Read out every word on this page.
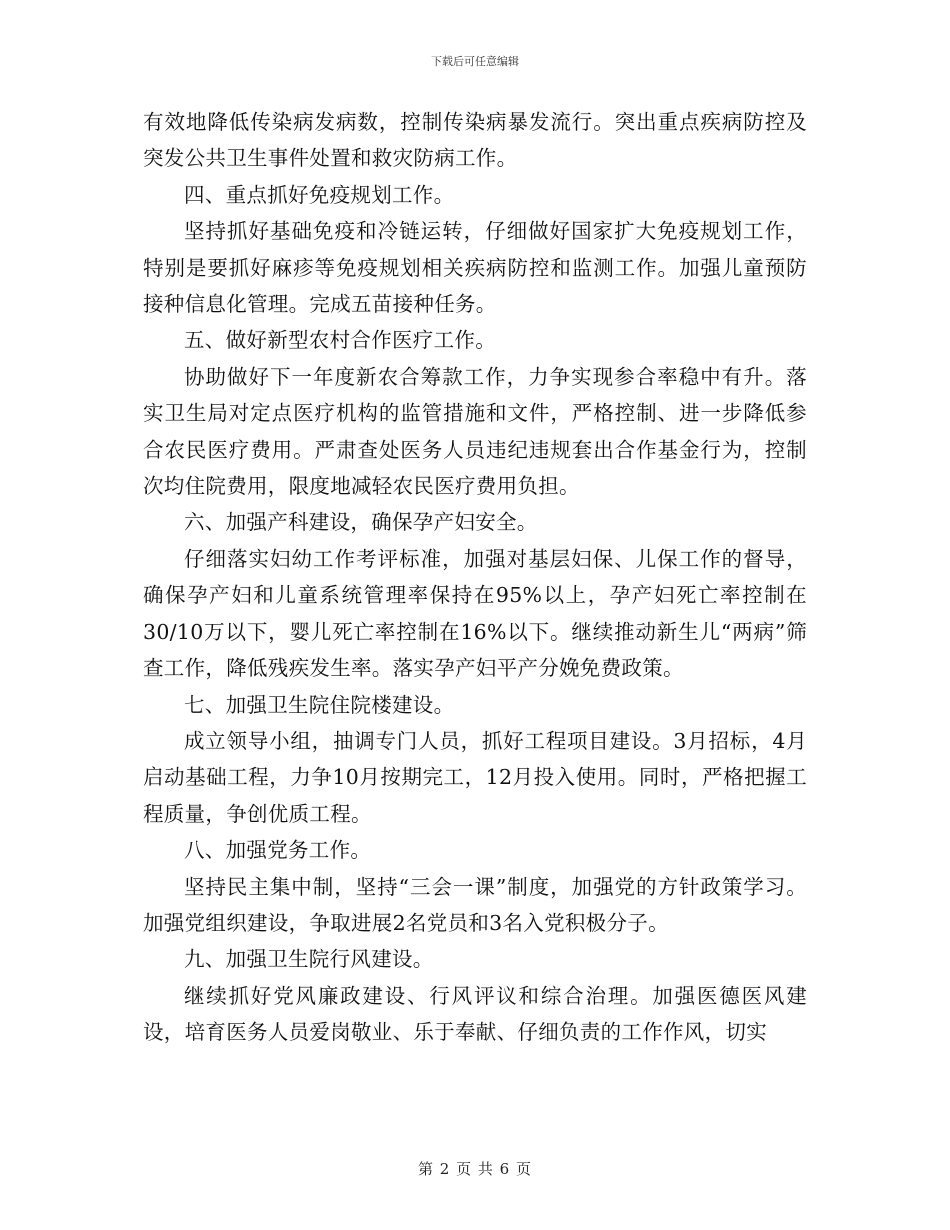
下载后可任意编辑

有效地降低传染病发病数，控制传染病暴发流行。突出重点疾病防控及突发公共卫生事件处置和救灾防病工作。

四、重点抓好免疫规划工作。

坚持抓好基础免疫和冷链运转，仔细做好国家扩大免疫规划工作，特别是要抓好麻疹等免疫规划相关疾病防控和监测工作。加强儿童预防接种信息化管理。完成五苗接种任务。

五、做好新型农村合作医疗工作。

协助做好下一年度新农合筹款工作，力争实现参合率稳中有升。落实卫生局对定点医疗机构的监管措施和文件，严格控制、进一步降低参合农民医疗费用。严肃查处医务人员违纪违规套出合作基金行为，控制次均住院费用，限度地减轻农民医疗费用负担。

六、加强产科建设，确保孕产妇安全。

仔细落实妇幼工作考评标准，加强对基层妇保、儿保工作的督导，确保孕产妇和儿童系统管理率保持在95%以上，孕产妇死亡率控制在30/10万以下，婴儿死亡率控制在16%以下。继续推动新生儿“两病”筛查工作，降低残疾发生率。落实孕产妇平产分娩免费政策。

七、加强卫生院住院楼建设。

成立领导小组，抽调专门人员，抓好工程项目建设。3月招标，4月启动基础工程，力争10月按期完工，12月投入使用。同时，严格把握工程质量，争创优质工程。

八、加强党务工作。

坚持民主集中制，坚持“三会一课”制度，加强党的方针政策学习。加强党组织建设，争取进展2名党员和3名入党积极分子。

九、加强卫生院行风建设。

继续抓好党风廉政建设、行风评议和综合治理。加强医德医风建设，培育医务人员爱岗敬业、乐于奉献、仔细负责的工作作风，切实

第 2 页 共 6 页
